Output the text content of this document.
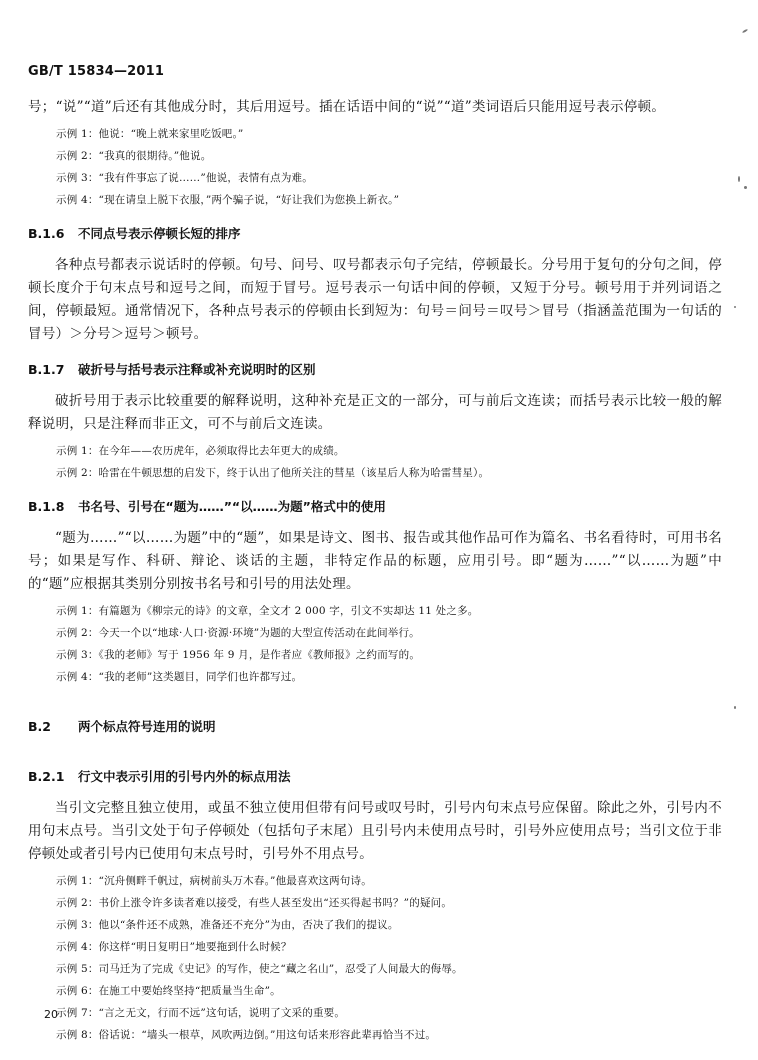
GB/T 15834—2011

号；“说”“道”后还有其他成分时，其后用逗号。插在话语中间的“说”“道”类词语后只能用逗号表示停顿。

示例 1：他说：“晚上就来家里吃饭吧。”

示例 2：“我真的很期待。”他说。

示例 3：“我有件事忘了说……”他说，表情有点为难。

示例 4：“现在请皇上脱下衣服，”两个骗子说，“好让我们为您换上新衣。”

B.1.6 不同点号表示停顿长短的排序

各种点号都表示说话时的停顿。句号、问号、叹号都表示句子完结，停顿最长。分号用于复句的分句之间，停顿长度介于句末点号和逗号之间，而短于冒号。逗号表示一句话中间的停顿，又短于分号。顿号用于并列词语之间，停顿最短。通常情况下，各种点号表示的停顿由长到短为：句号＝问号＝叹号＞冒号（指涵盖范围为一句话的冒号）＞分号＞逗号＞顿号。

B.1.7 破折号与括号表示注释或补充说明时的区别

破折号用于表示比较重要的解释说明，这种补充是正文的一部分，可与前后文连读；而括号表示比较一般的解释说明，只是注释而非正文，可不与前后文连读。

示例 1：在今年——农历虎年，必须取得比去年更大的成绩。

示例 2：哈雷在牛顿思想的启发下，终于认出了他所关注的彗星（该星后人称为哈雷彗星）。

B.1.8 书名号、引号在“题为……”“以……为题”格式中的使用

“题为……”“以……为题”中的“题”，如果是诗文、图书、报告或其他作品可作为篇名、书名看待时，可用书名号；如果是写作、科研、辩论、谈话的主题，非特定作品的标题，应用引号。即“题为……”“以……为题”中的“题”应根据其类别分别按书名号和引号的用法处理。

示例 1：有篇题为《柳宗元的诗》的文章，全文才 2 000 字，引文不实却达 11 处之多。

示例 2：今天一个以“地球·人口·资源·环境”为题的大型宣传活动在此间举行。

示例 3：《我的老师》写于 1956 年 9 月，是作者应《教师报》之约而写的。

示例 4：“我的老师”这类题目，同学们也许都写过。

B.2 两个标点符号连用的说明
B.2.1 行文中表示引用的引号内外的标点用法

当引文完整且独立使用，或虽不独立使用但带有问号或叹号时，引号内句末点号应保留。除此之外，引号内不用句末点号。当引文处于句子停顿处（包括句子末尾）且引号内未使用点号时，引号外应使用点号；当引文位于非停顿处或者引号内已使用句末点号时，引号外不用点号。

示例 1：“沉舟侧畔千帆过，病树前头万木春。”他最喜欢这两句诗。

示例 2：书价上涨令许多读者难以接受，有些人甚至发出“还买得起书吗？”的疑问。

示例 3：他以“条件还不成熟，准备还不充分”为由，否决了我们的提议。

示例 4：你这样“明日复明日”地要拖到什么时候？

示例 5：司马迁为了完成《史记》的写作，使之“藏之名山”，忍受了人间最大的侮辱。

示例 6：在施工中要始终坚持“把质量当生命”。

示例 7：“言之无文，行而不远”这句话，说明了文采的重要。

示例 8：俗话说：“墙头一根草，风吹两边倒。”用这句话来形容此辈再恰当不过。

20
